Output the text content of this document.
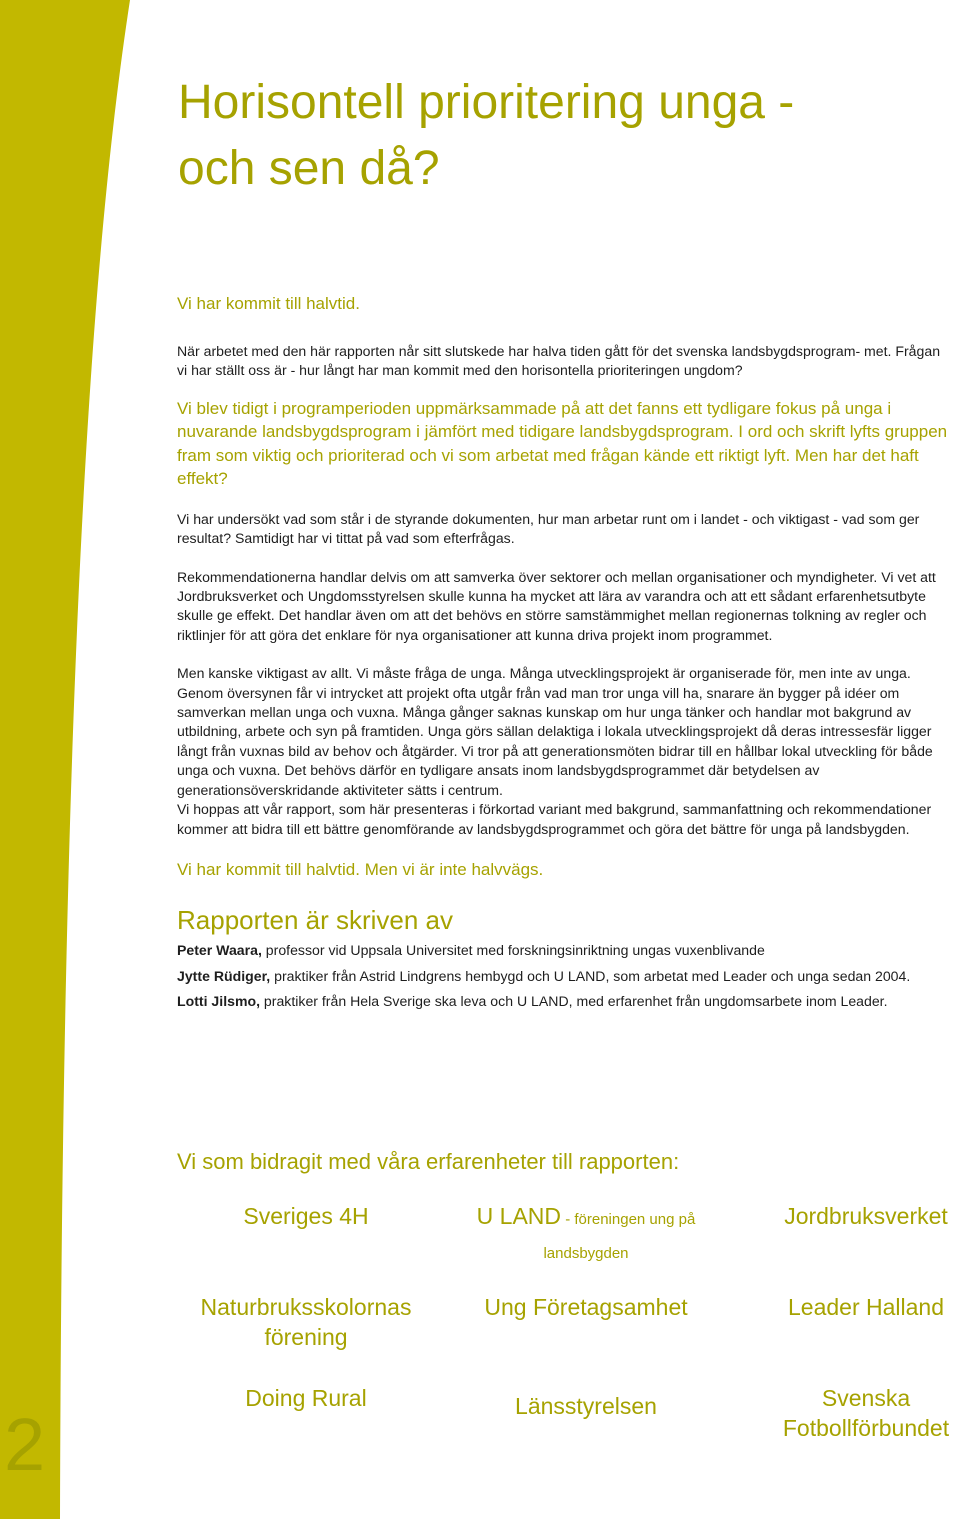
2
Horisontell prioritering unga -
och sen då?

Vi har kommit till halvtid.

När arbetet med den här rapporten når sitt slutskede har halva tiden gått för det svenska landsbygdsprogram- met. Frågan vi har ställt oss är - hur långt har man kommit med den horisontella prioriteringen ungdom?

Vi blev tidigt i programperioden uppmärksammade på att det fanns ett tydligare fokus på unga i nuvarande landsbygdsprogram i jämfört med tidigare landsbygdsprogram. I ord och skrift lyfts gruppen fram som viktig och prioriterad och vi som arbetat med frågan kände ett riktigt lyft. Men har det haft effekt?

Vi har undersökt vad som står i de styrande dokumenten, hur man arbetar runt om i landet - och viktigast - vad som ger resultat? Samtidigt har vi tittat på vad som efterfrågas.

Rekommendationerna handlar delvis om att samverka över sektorer och mellan organisationer och myndigheter. Vi vet att Jordbruksverket och Ungdomsstyrelsen skulle kunna ha mycket att lära av varandra och att ett sådant erfarenhetsutbyte skulle ge effekt. Det handlar även om att det behövs en större samstämmighet mellan regionernas tolkning av regler och riktlinjer för att göra det enklare för nya organisationer att kunna driva projekt inom programmet.

Men kanske viktigast av allt. Vi måste fråga de unga. Många utvecklingsprojekt är organiserade för, men inte av unga. Genom översynen får vi intrycket att projekt ofta utgår från vad man tror unga vill ha, snarare än bygger på idéer om samverkan mellan unga och vuxna. Många gånger saknas kunskap om hur unga tänker och handlar mot bakgrund av utbildning, arbete och syn på framtiden. Unga görs sällan delaktiga i lokala utvecklingsprojekt då deras intressesfär ligger långt från vuxnas bild av behov och åtgärder. Vi tror på att generationsmöten bidrar till en hållbar lokal utveckling för både unga och vuxna. Det behövs därför en tydligare ansats inom landsbygdsprogrammet där betydelsen av generationsöverskridande aktiviteter sätts i centrum.

Vi hoppas att vår rapport, som här presenteras i förkortad variant med bakgrund, sammanfattning och rekommendationer kommer att bidra till ett bättre genomförande av landsbygdsprogrammet och göra det bättre för unga på landsbygden.

Vi har kommit till halvtid. Men vi är inte halvvägs.

Rapporten är skriven av

Peter Waara, professor vid Uppsala Universitet med forskningsinriktning ungas vuxenblivande

Jytte Rüdiger, praktiker från Astrid Lindgrens hembygd och U LAND, som arbetat med Leader och unga sedan 2004.

Lotti Jilsmo, praktiker från Hela Sverige ska leva och U LAND, med erfarenhet från ungdomsarbete inom Leader.

Vi som bidragit med våra erfarenheter till rapporten:
Sveriges 4H	U LAND - föreningen ung på landsbygden
Jordbruksverket
Naturbruksskolornas förening
Ung Företagsamhet	Leader Halland
Doing Rural	Länsstyrelsen	Svenska Fotbollförbundet
